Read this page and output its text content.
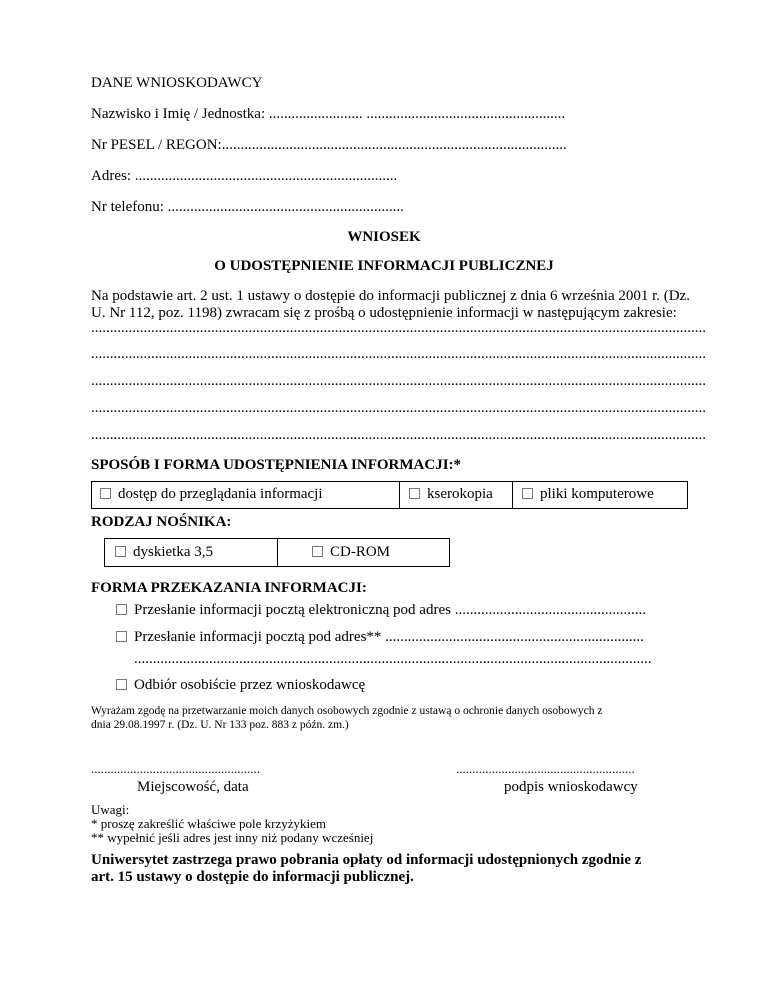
DANE WNIOSKODAWCY
Nazwisko i Imię / Jednostka: ......................... .....................................................
Nr PESEL / REGON:............................................................................................
Adres: ......................................................................
Nr telefonu: ...............................................................
WNIOSEK
O UDOSTĘPNIENIE INFORMACJI PUBLICZNEJ
Na podstawie art. 2 ust. 1 ustawy o dostępie do informacji publicznej z dnia 6 września 2001 r. (Dz.
U. Nr 112, poz. 1198) zwracam się z prośbą o udostępnienie informacji w następującym zakresie:
....................................................................................................................................................................
....................................................................................................................................................................
....................................................................................................................................................................
....................................................................................................................................................................
....................................................................................................................................................................
SPOSÓB I FORMA UDOSTĘPNIENIA INFORMACJI:*
dostęp do przeglądania informacji	kserokopia	pliki komputerowe
RODZAJ NOŚNIKA:
dyskietka 3,5	CD-ROM
FORMA PRZEKAZANIA INFORMACJI:
Przesłanie informacji pocztą elektroniczną pod adres ...................................................
Przesłanie informacji pocztą pod adres** .....................................................................
..........................................................................................................................................
Odbiór osobiście przez wnioskodawcę
Wyrażam zgodę na przetwarzanie moich danych osobowych zgodnie z ustawą o ochronie danych osobowych z
dnia 29.08.1997 r. (Dz. U. Nr 133 poz. 883 z późn. zm.)
....................................................
Miejscowość, data
.......................................................
podpis wnioskodawcy
Uwagi:
* proszę zakreślić właściwe pole krzyżykiem
** wypełnić jeśli adres jest inny niż podany wcześniej
Uniwersytet zastrzega prawo pobrania opłaty od informacji udostępnionych zgodnie z
art. 15 ustawy o dostępie do informacji publicznej.
